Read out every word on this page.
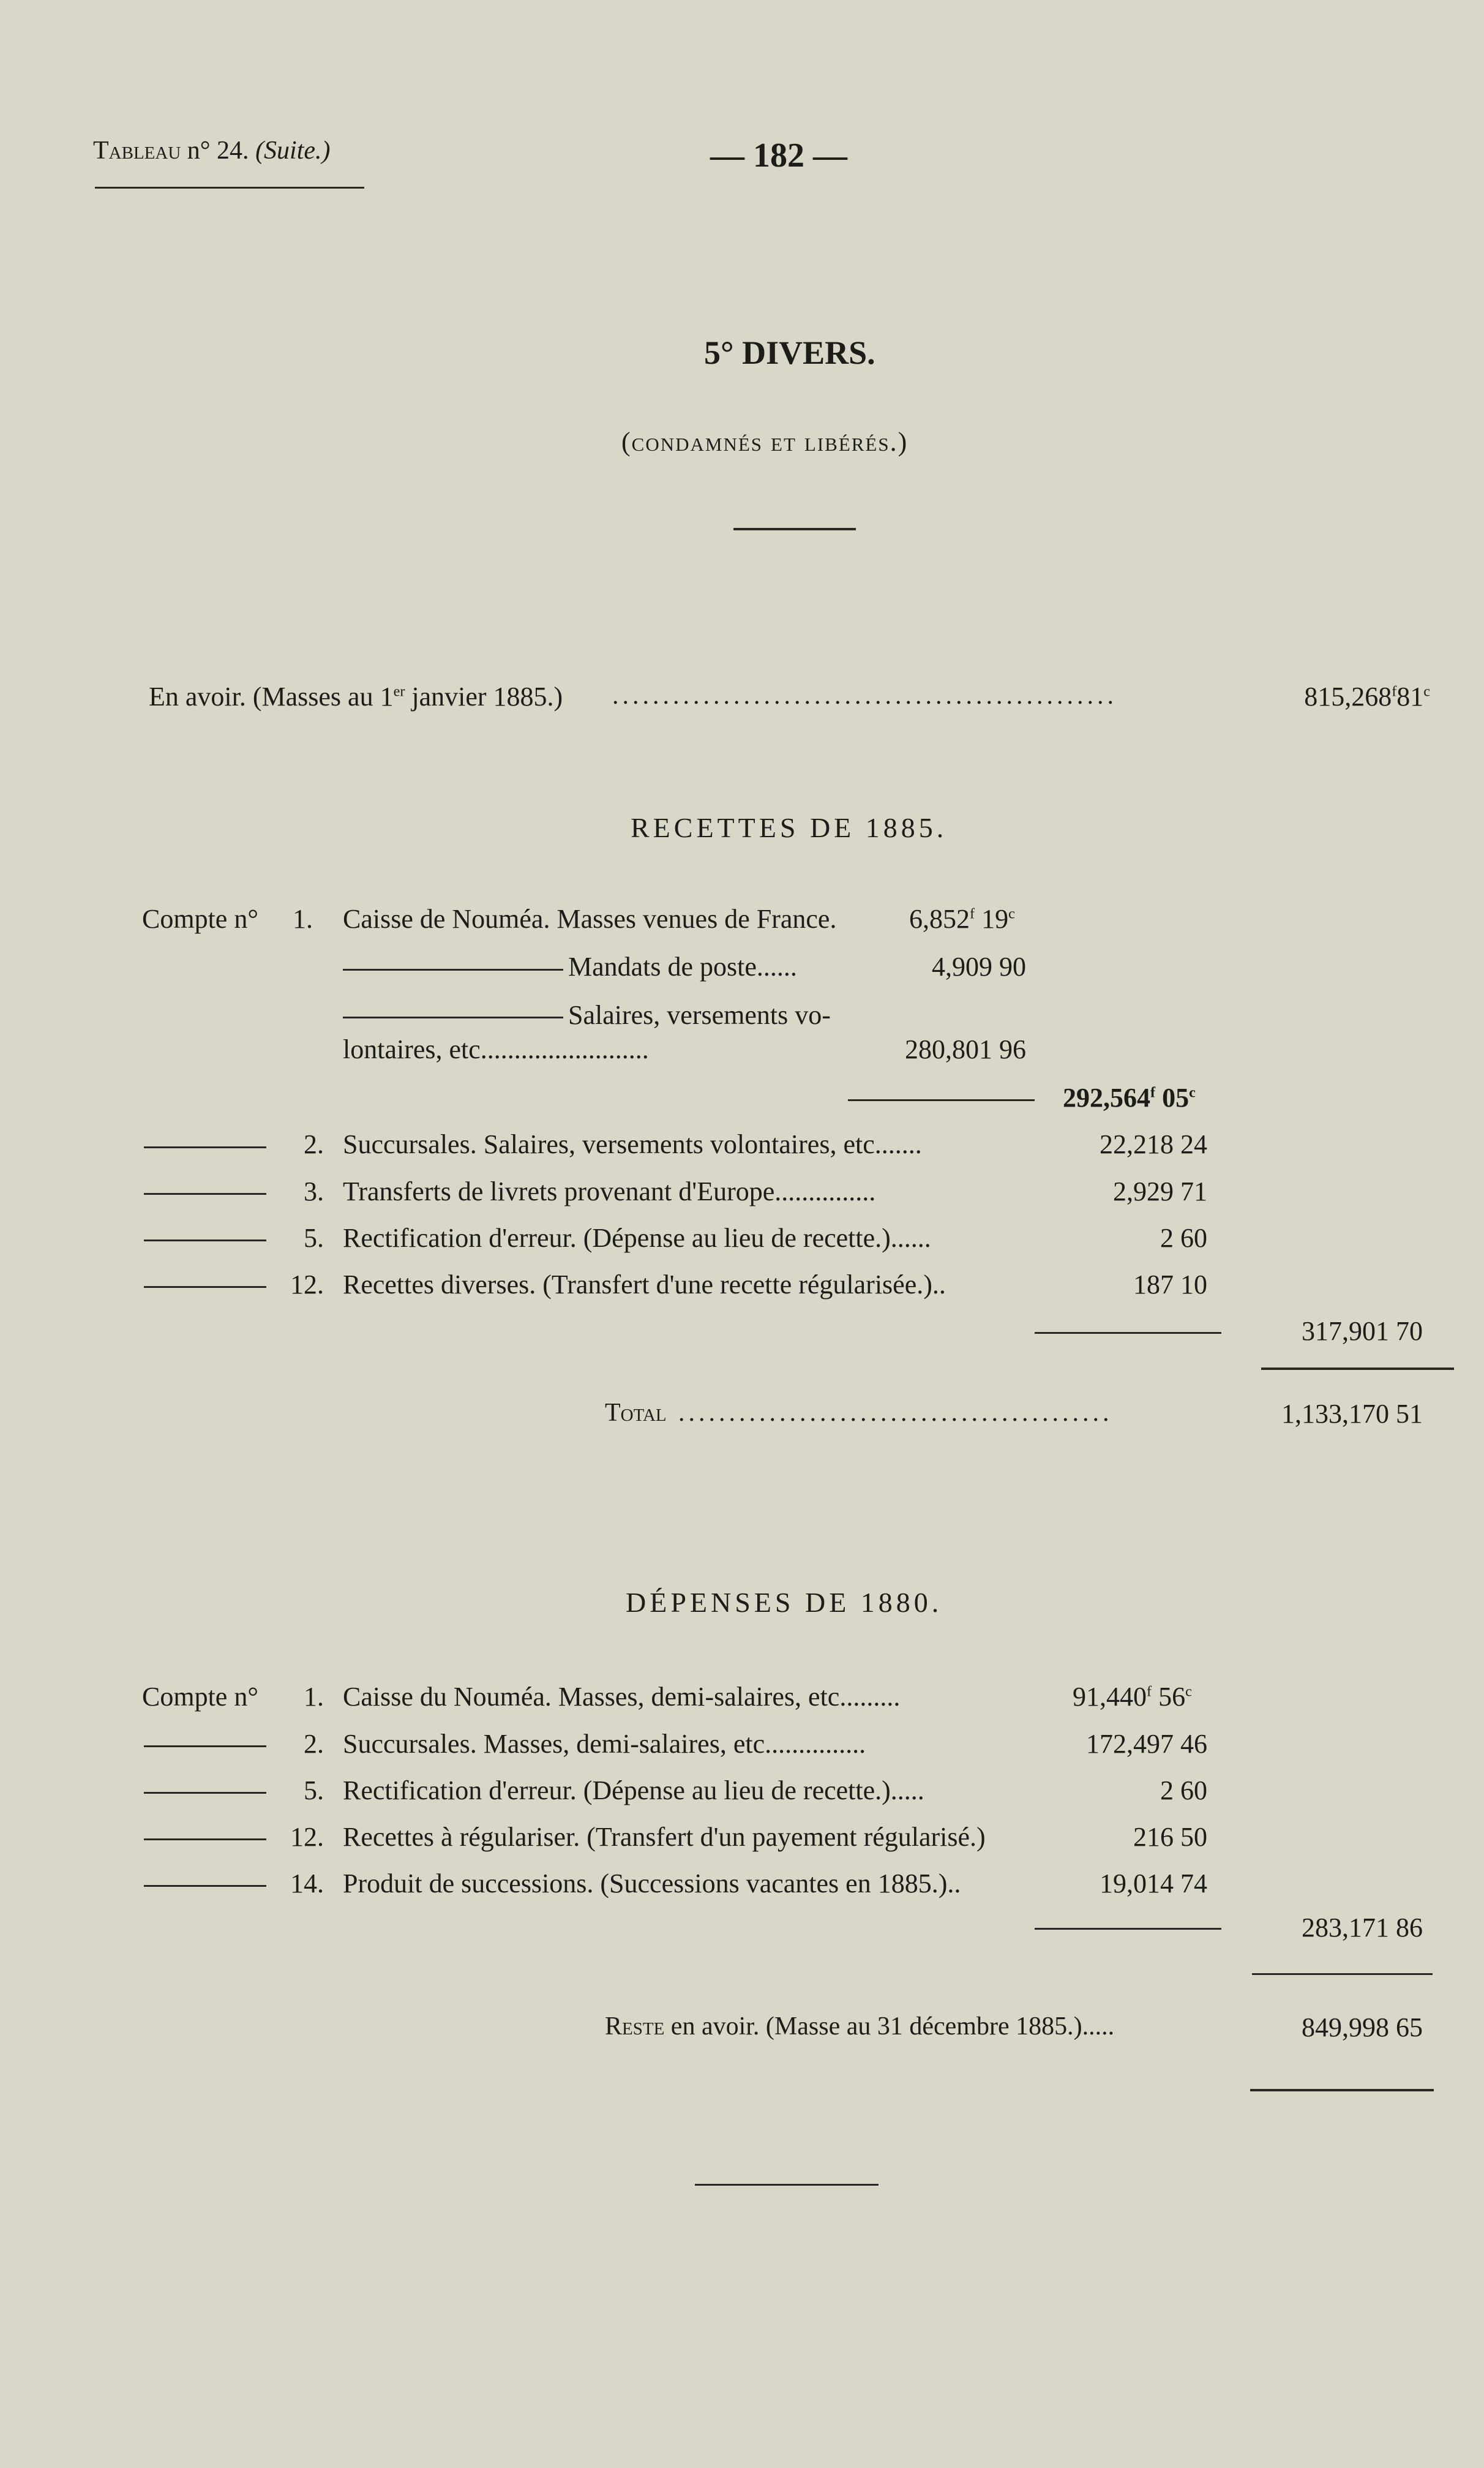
Tableau n° 24. (Suite.)	— 182 —
5° DIVERS.
(condamnés et libérés.)
En avoir. (Masses au 1er janvier 1885.) ..................................................	815,268$^f$81$^c$
RECETTES DE 1885.
Compte n° 1. Caisse de Nouméa. Masses venues de France.	6,852$^f$ 19$^c$
Mandats de poste......	4,909 90
Salaires, versements vo-
lontaires, etc.........................	280,801 96
292,564$^f$ 05$^c$
2. Succursales. Salaires, versements volontaires, etc.......	22,218 24
3. Transferts de livrets provenant d'Europe...............	2,929 71
5. Rectification d'erreur. (Dépense au lieu de recette.)......	2 60
12. Recettes diverses. (Transfert d'une recette régularisée.)..	187 10
317,901 70
Total ...........................................	1,133,170 51
DÉPENSES DE 1880.
Compte n° 1. Caisse du Nouméa. Masses, demi-salaires, etc.........	91,440$^f$ 56$^c$
2. Succursales. Masses, demi-salaires, etc...............	172,497 46
5. Rectification d'erreur. (Dépense au lieu de recette.).....	2 60
12. Recettes à régulariser. (Transfert d'un payement régularisé.)	216 50
14. Produit de successions. (Successions vacantes en 1885.)..	19,014 74
283,171 86
Reste en avoir. (Masse au 31 décembre 1885.).....	849,998 65
